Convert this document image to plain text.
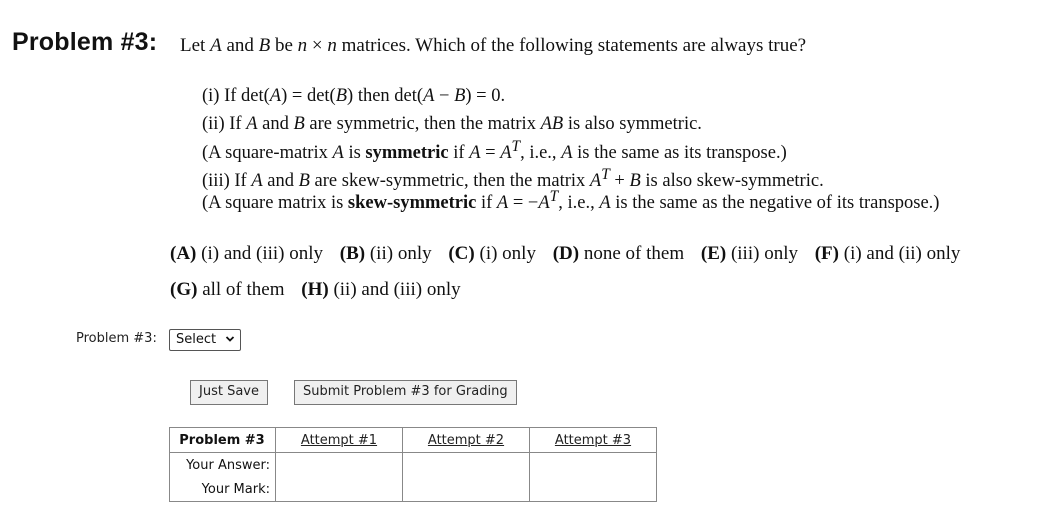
Problem #3: Let A and B be n × n matrices. Which of the following statements are always true?
(i) If det(A) = det(B) then det(A − B) = 0.
(ii) If A and B are symmetric, then the matrix AB is also symmetric.
(A square-matrix A is symmetric if $A = A^T$, i.e., A is the same as its transpose.)
(iii) If A and B are skew-symmetric, then the matrix $A^T + B$ is also skew-symmetric.
(A square matrix is skew-symmetric if $A = -A^T$, i.e., A is the same as the negative of its transpose.)
(A) (i) and (iii) only (B) (ii) only (C) (i) only (D) none of them (E) (iii) only (F) (i) and (ii) only
(G) all of them (H) (ii) and (iii) only
Problem #3:	Select
Just Save	Submit Problem #3 for Grading
Problem #3	Attempt #1	Attempt #2	Attempt #3
Your Answer:			
Your Mark:			
